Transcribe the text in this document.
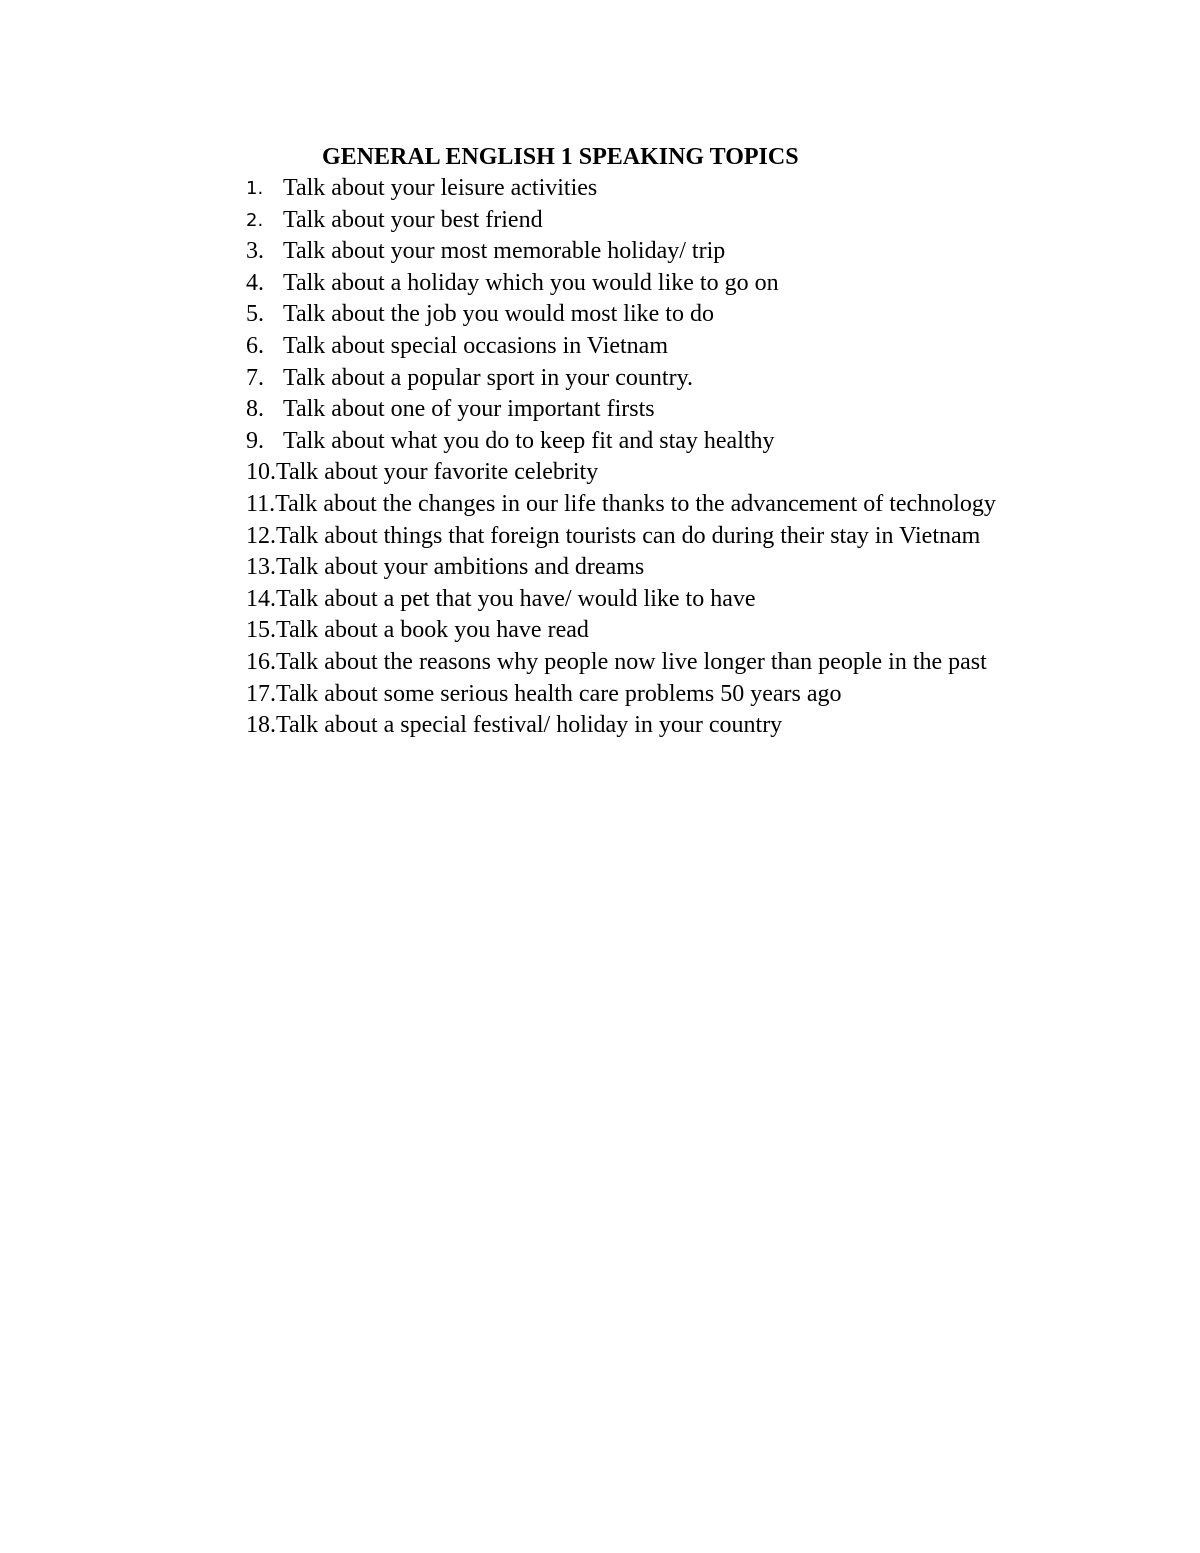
GENERAL ENGLISH 1 SPEAKING TOPICS
1. Talk about your leisure activities
2. Talk about your best friend
3. Talk about your most memorable holiday/ trip
4. Talk about a holiday which you would like to go on
5. Talk about the job you would most like to do
6. Talk about special occasions in Vietnam
7. Talk about a popular sport in your country.
8. Talk about one of your important firsts
9. Talk about what you do to keep fit and stay healthy
10.Talk about your favorite celebrity
11.Talk about the changes in our life thanks to the advancement of technology
12.Talk about things that foreign tourists can do during their stay in Vietnam
13.Talk about your ambitions and dreams
14.Talk about a pet that you have/ would like to have
15.Talk about a book you have read
16.Talk about the reasons why people now live longer than people in the past
17.Talk about some serious health care problems 50 years ago
18.Talk about a special festival/ holiday in your country
